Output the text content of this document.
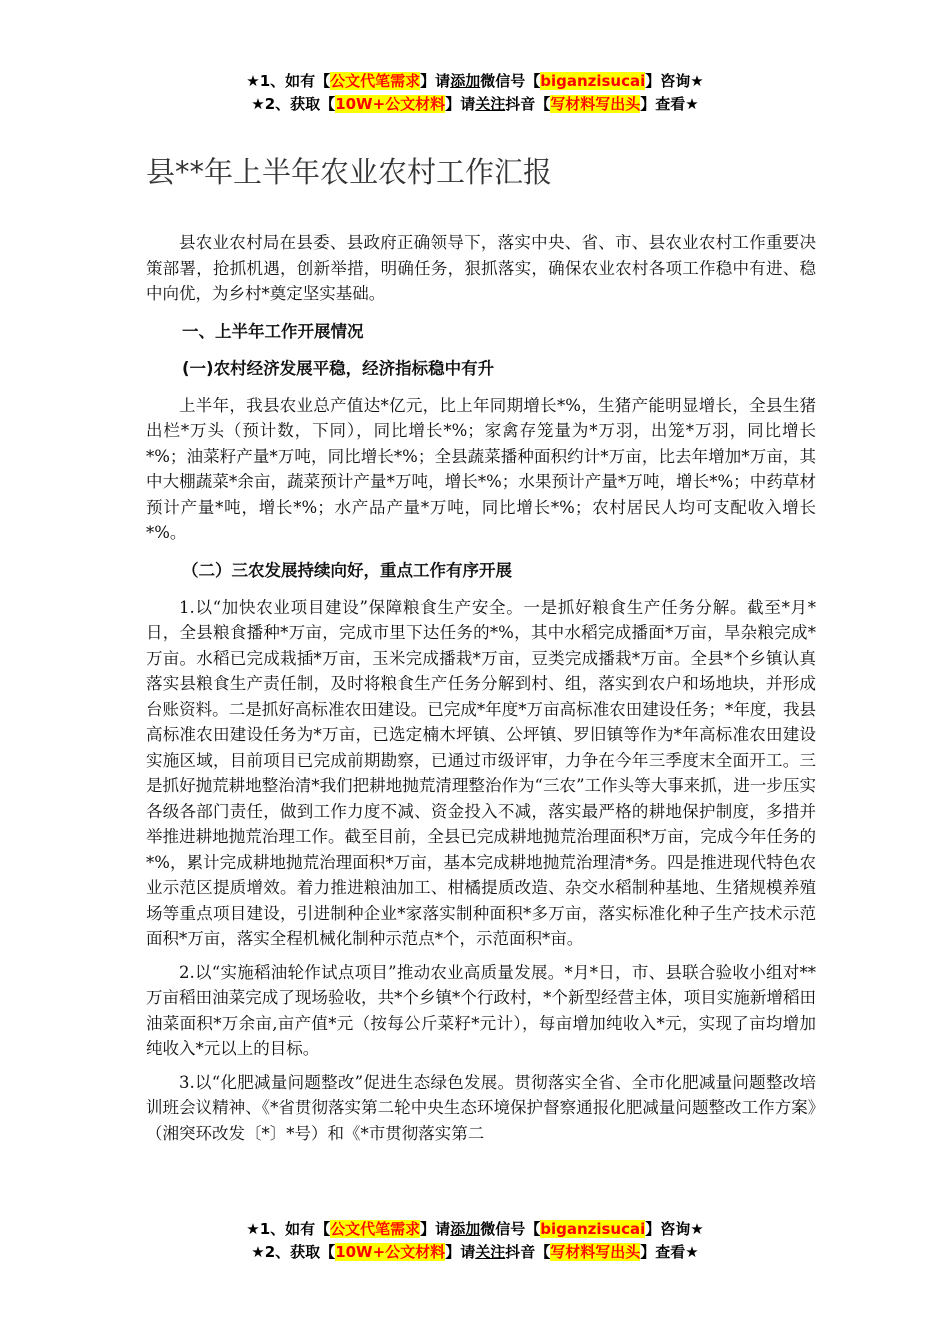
★1、如有【公文代笔需求】请添加微信号【biganzisucai】咨询★
★2、获取【10W+公文材料】请关注抖音【写材料写出头】查看★
县**年上半年农业农村工作汇报

县农业农村局在县委、县政府正确领导下，落实中央、省、市、县农业农村工作重要决策部署，抢抓机遇，创新举措，明确任务，狠抓落实，确保农业农村各项工作稳中有进、稳中向优，为乡村*奠定坚实基础。

一、上半年工作开展情况
(一)农村经济发展平稳，经济指标稳中有升

上半年，我县农业总产值达*亿元，比上年同期增长*%，生猪产能明显增长，全县生猪出栏*万头（预计数，下同），同比增长*%；家禽存笼量为*万羽，出笼*万羽，同比增长*%；油菜籽产量*万吨，同比增长*%；全县蔬菜播种面积约计*万亩，比去年增加*万亩，其中大棚蔬菜*余亩，蔬菜预计产量*万吨，增长*%；水果预计产量*万吨，增长*%；中药草材预计产量*吨，增长*%；水产品产量*万吨，同比增长*%；农村居民人均可支配收入增长*%。

（二）三农发展持续向好，重点工作有序开展

1.以“加快农业项目建设”保障粮食生产安全。一是抓好粮食生产任务分解。截至*月*日，全县粮食播种*万亩，完成市里下达任务的*%，其中水稻完成播面*万亩，旱杂粮完成*万亩。水稻已完成栽插*万亩，玉米完成播栽*万亩，豆类完成播栽*万亩。全县*个乡镇认真落实县粮食生产责任制，及时将粮食生产任务分解到村、组，落实到农户和场地块，并形成台账资料。二是抓好高标准农田建设。已完成*年度*万亩高标准农田建设任务；*年度，我县高标准农田建设任务为*万亩，已选定楠木坪镇、公坪镇、罗旧镇等作为*年高标准农田建设实施区域，目前项目已完成前期勘察，已通过市级评审，力争在今年三季度末全面开工。三是抓好抛荒耕地整治清*我们把耕地抛荒清理整治作为“三农”工作头等大事来抓，进一步压实各级各部门责任，做到工作力度不减、资金投入不减，落实最严格的耕地保护制度，多措并举推进耕地抛荒治理工作。截至目前，全县已完成耕地抛荒治理面积*万亩，完成今年任务的*%，累计完成耕地抛荒治理面积*万亩，基本完成耕地抛荒治理清*务。四是推进现代特色农业示范区提质增效。着力推进粮油加工、柑橘提质改造、杂交水稻制种基地、生猪规模养殖场等重点项目建设，引进制种企业*家落实制种面积*多万亩，落实标准化种子生产技术示范面积*万亩，落实全程机械化制种示范点*个，示范面积*亩。

2.以“实施稻油轮作试点项目”推动农业高质量发展。*月*日，市、县联合验收小组对**万亩稻田油菜完成了现场验收，共*个乡镇*个行政村，*个新型经营主体，项目实施新增稻田油菜面积*万余亩,亩产值*元（按每公斤菜籽*元计），每亩增加纯收入*元，实现了亩均增加纯收入*元以上的目标。

3.以“化肥减量问题整改”促进生态绿色发展。贯彻落实全省、全市化肥减量问题整改培训班会议精神、《*省贯彻落实第二轮中央生态环境保护督察通报化肥减量问题整改工作方案》（湘突环改发〔*〕*号）和《*市贯彻落实第二

★1、如有【公文代笔需求】请添加微信号【biganzisucai】咨询★
★2、获取【10W+公文材料】请关注抖音【写材料写出头】查看★
